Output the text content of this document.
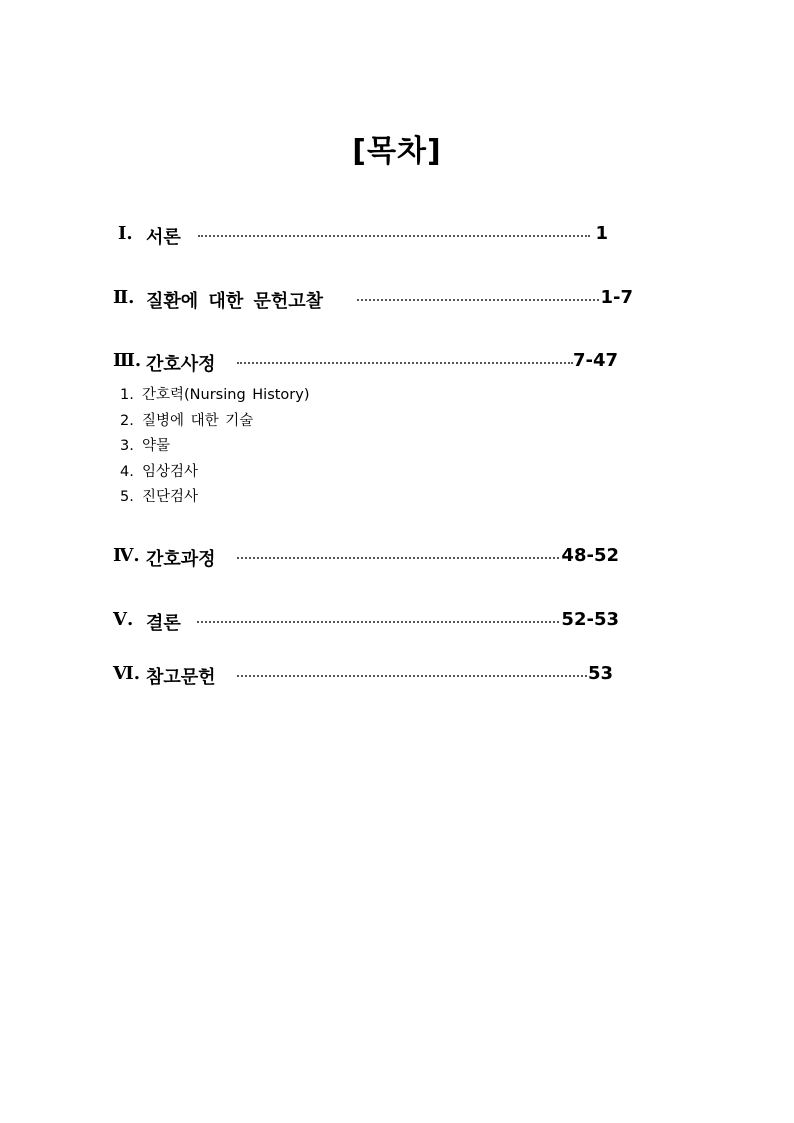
[목차]
Ⅰ. 서론	1
Ⅱ. 질환에 대한 문헌고찰	1-7
Ⅲ. 간호사정	7-47
1. 간호력(Nursing History)
2. 질병에 대한 기술
3. 약물
4. 임상검사
5. 진단검사
Ⅳ. 간호과정	48-52
Ⅴ. 결론	52-53
Ⅵ. 참고문헌	53
